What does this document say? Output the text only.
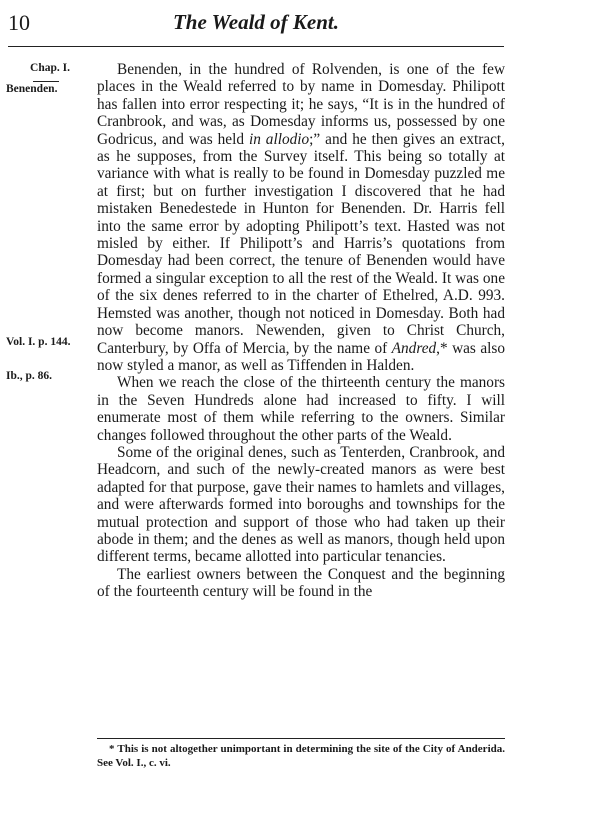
10	The Weald of Kent.
Chap. I.
Benenden.
Vol. I. p. 144.
Ib., p. 86.

Benenden, in the hundred of Rolvenden, is one of the few places in the Weald referred to by name in Domesday. Philipott has fallen into error respecting it; he says, “It is in the hundred of Cranbrook, and was, as Domesday informs us, possessed by one Godricus, and was held in allodio;” and he then gives an extract, as he supposes, from the Survey itself. This being so totally at variance with what is really to be found in Domesday puzzled me at first; but on further investigation I discovered that he had mistaken Benedestede in Hunton for Benenden. Dr. Harris fell into the same error by adopting Philipott’s text. Hasted was not misled by either. If Philipott’s and Harris’s quotations from Domesday had been correct, the tenure of Benenden would have formed a singular exception to all the rest of the Weald. It was one of the six denes referred to in the charter of Ethelred, A.D. 993. Hemsted was another, though not noticed in Domesday. Both had now become manors. Newenden, given to Christ Church, Canterbury, by Offa of Mercia, by the name of Andred,* was also now styled a manor, as well as Tiffenden in Halden.

When we reach the close of the thirteenth century the manors in the Seven Hundreds alone had increased to fifty. I will enumerate most of them while referring to the owners. Similar changes followed throughout the other parts of the Weald.

Some of the original denes, such as Tenterden, Cranbrook, and Headcorn, and such of the newly-created manors as were best adapted for that purpose, gave their names to hamlets and villages, and were afterwards formed into boroughs and townships for the mutual protection and support of those who had taken up their abode in them; and the denes as well as manors, though held upon different terms, became allotted into particular tenancies.

The earliest owners between the Conquest and the beginning of the fourteenth century will be found in the

* This is not altogether unimportant in determining the site of the City of Anderida. See Vol. I., c. vi.
